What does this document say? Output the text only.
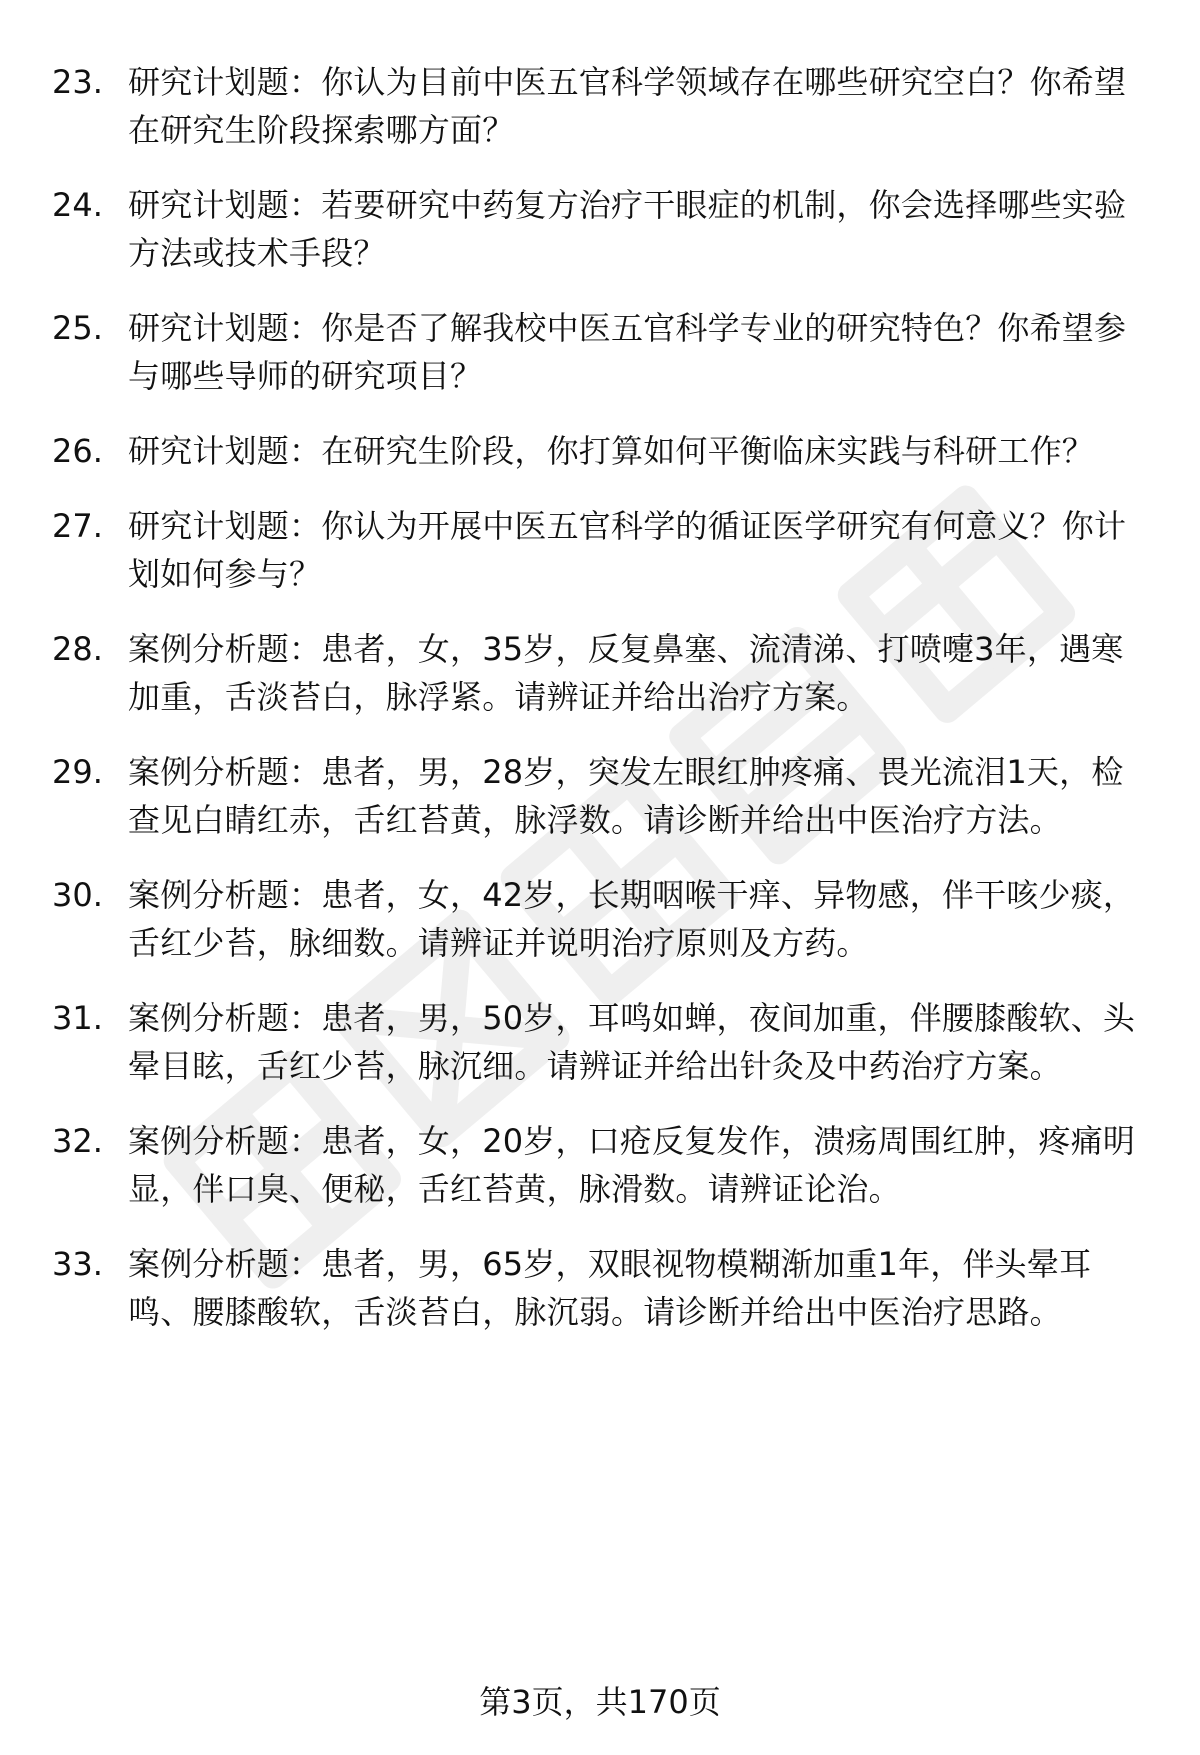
23. 研究计划题：你认为目前中医五官科学领域存在哪些研究空白？你希望在研究生阶段探索哪方面？
24. 研究计划题：若要研究中药复方治疗干眼症的机制，你会选择哪些实验方法或技术手段？
25. 研究计划题：你是否了解我校中医五官科学专业的研究特色？你希望参与哪些导师的研究项目？
26. 研究计划题：在研究生阶段，你打算如何平衡临床实践与科研工作？
27. 研究计划题：你认为开展中医五官科学的循证医学研究有何意义？你计划如何参与？
28. 案例分析题：患者，女，35岁，反复鼻塞、流清涕、打喷嚏3年，遇寒加重，舌淡苔白，脉浮紧。请辨证并给出治疗方案。
29. 案例分析题：患者，男，28岁，突发左眼红肿疼痛、畏光流泪1天，检查见白睛红赤，舌红苔黄，脉浮数。请诊断并给出中医治疗方法。
30. 案例分析题：患者，女，42岁，长期咽喉干痒、异物感，伴干咳少痰，舌红少苔，脉细数。请辨证并说明治疗原则及方药。
31. 案例分析题：患者，男，50岁，耳鸣如蝉，夜间加重，伴腰膝酸软、头晕目眩，舌红少苔，脉沉细。请辨证并给出针灸及中药治疗方案。
32. 案例分析题：患者，女，20岁，口疮反复发作，溃疡周围红肿，疼痛明显，伴口臭、便秘，舌红苔黄，脉滑数。请辨证论治。
33. 案例分析题：患者，男，65岁，双眼视物模糊渐加重1年，伴头晕耳鸣、腰膝酸软，舌淡苔白，脉沉弱。请诊断并给出中医治疗思路。
第3页，共170页
